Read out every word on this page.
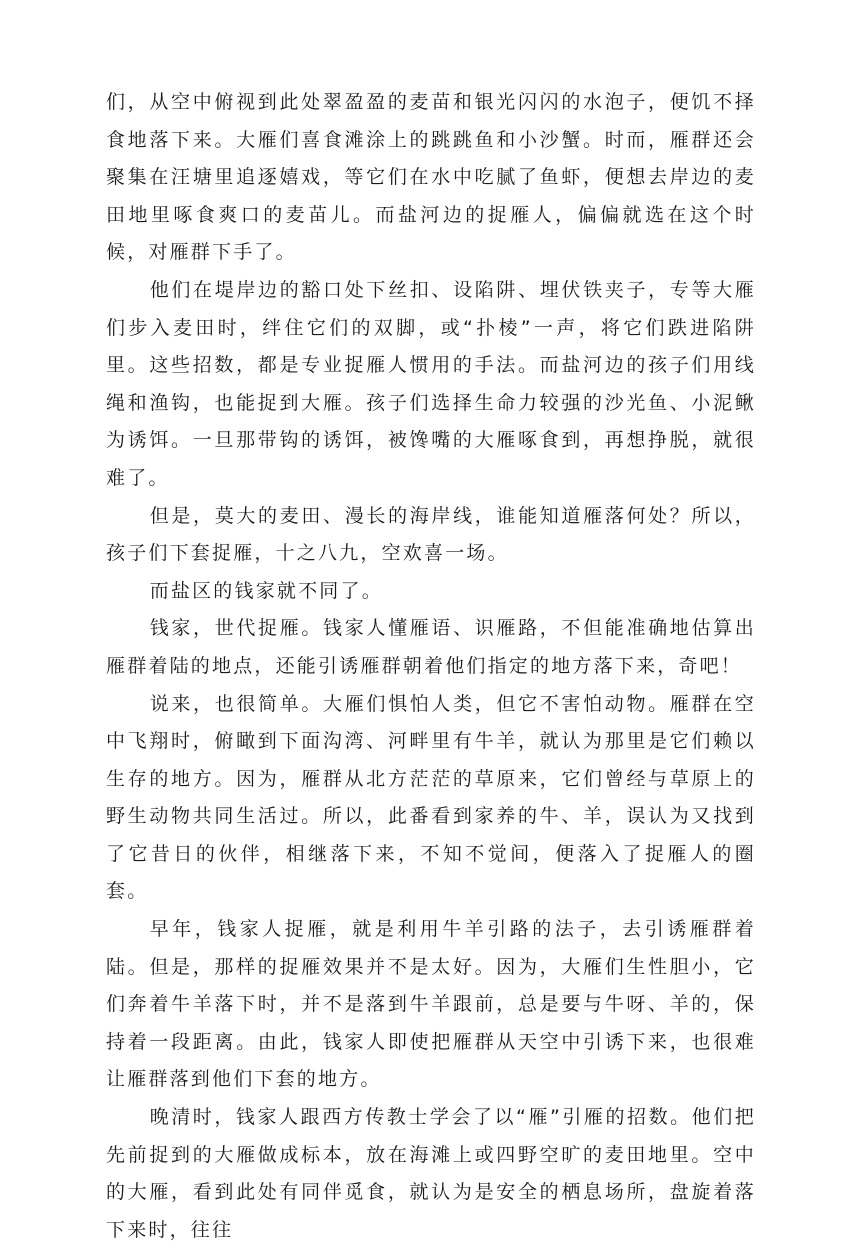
们，从空中俯视到此处翠盈盈的麦苗和银光闪闪的水泡子，便饥不择食地落下来。大雁们喜食滩涂上的跳跳鱼和小沙蟹。时而，雁群还会聚集在汪塘里追逐嬉戏，等它们在水中吃腻了鱼虾，便想去岸边的麦田地里啄食爽口的麦苗儿。而盐河边的捉雁人，偏偏就选在这个时候，对雁群下手了。

他们在堤岸边的豁口处下丝扣、设陷阱、埋伏铁夹子，专等大雁们步入麦田时，绊住它们的双脚，或“扑棱”一声，将它们跌进陷阱里。这些招数，都是专业捉雁人惯用的手法。而盐河边的孩子们用线绳和渔钩，也能捉到大雁。孩子们选择生命力较强的沙光鱼、小泥鳅为诱饵。一旦那带钩的诱饵，被馋嘴的大雁啄食到，再想挣脱，就很难了。

但是，莫大的麦田、漫长的海岸线，谁能知道雁落何处？所以，孩子们下套捉雁，十之八九，空欢喜一场。

而盐区的钱家就不同了。

钱家，世代捉雁。钱家人懂雁语、识雁路，不但能准确地估算出雁群着陆的地点，还能引诱雁群朝着他们指定的地方落下来，奇吧！

说来，也很简单。大雁们惧怕人类，但它不害怕动物。雁群在空中飞翔时，俯瞰到下面沟湾、河畔里有牛羊，就认为那里是它们赖以生存的地方。因为，雁群从北方茫茫的草原来，它们曾经与草原上的野生动物共同生活过。所以，此番看到家养的牛、羊，误认为又找到了它昔日的伙伴，相继落下来，不知不觉间，便落入了捉雁人的圈套。

早年，钱家人捉雁，就是利用牛羊引路的法子，去引诱雁群着陆。但是，那样的捉雁效果并不是太好。因为，大雁们生性胆小，它们奔着牛羊落下时，并不是落到牛羊跟前，总是要与牛呀、羊的，保持着一段距离。由此，钱家人即使把雁群从天空中引诱下来，也很难让雁群落到他们下套的地方。

晚清时，钱家人跟西方传教士学会了以“雁”引雁的招数。他们把先前捉到的大雁做成标本，放在海滩上或四野空旷的麦田地里。空中的大雁，看到此处有同伴觅食，就认为是安全的栖息场所，盘旋着落下来时，往往
